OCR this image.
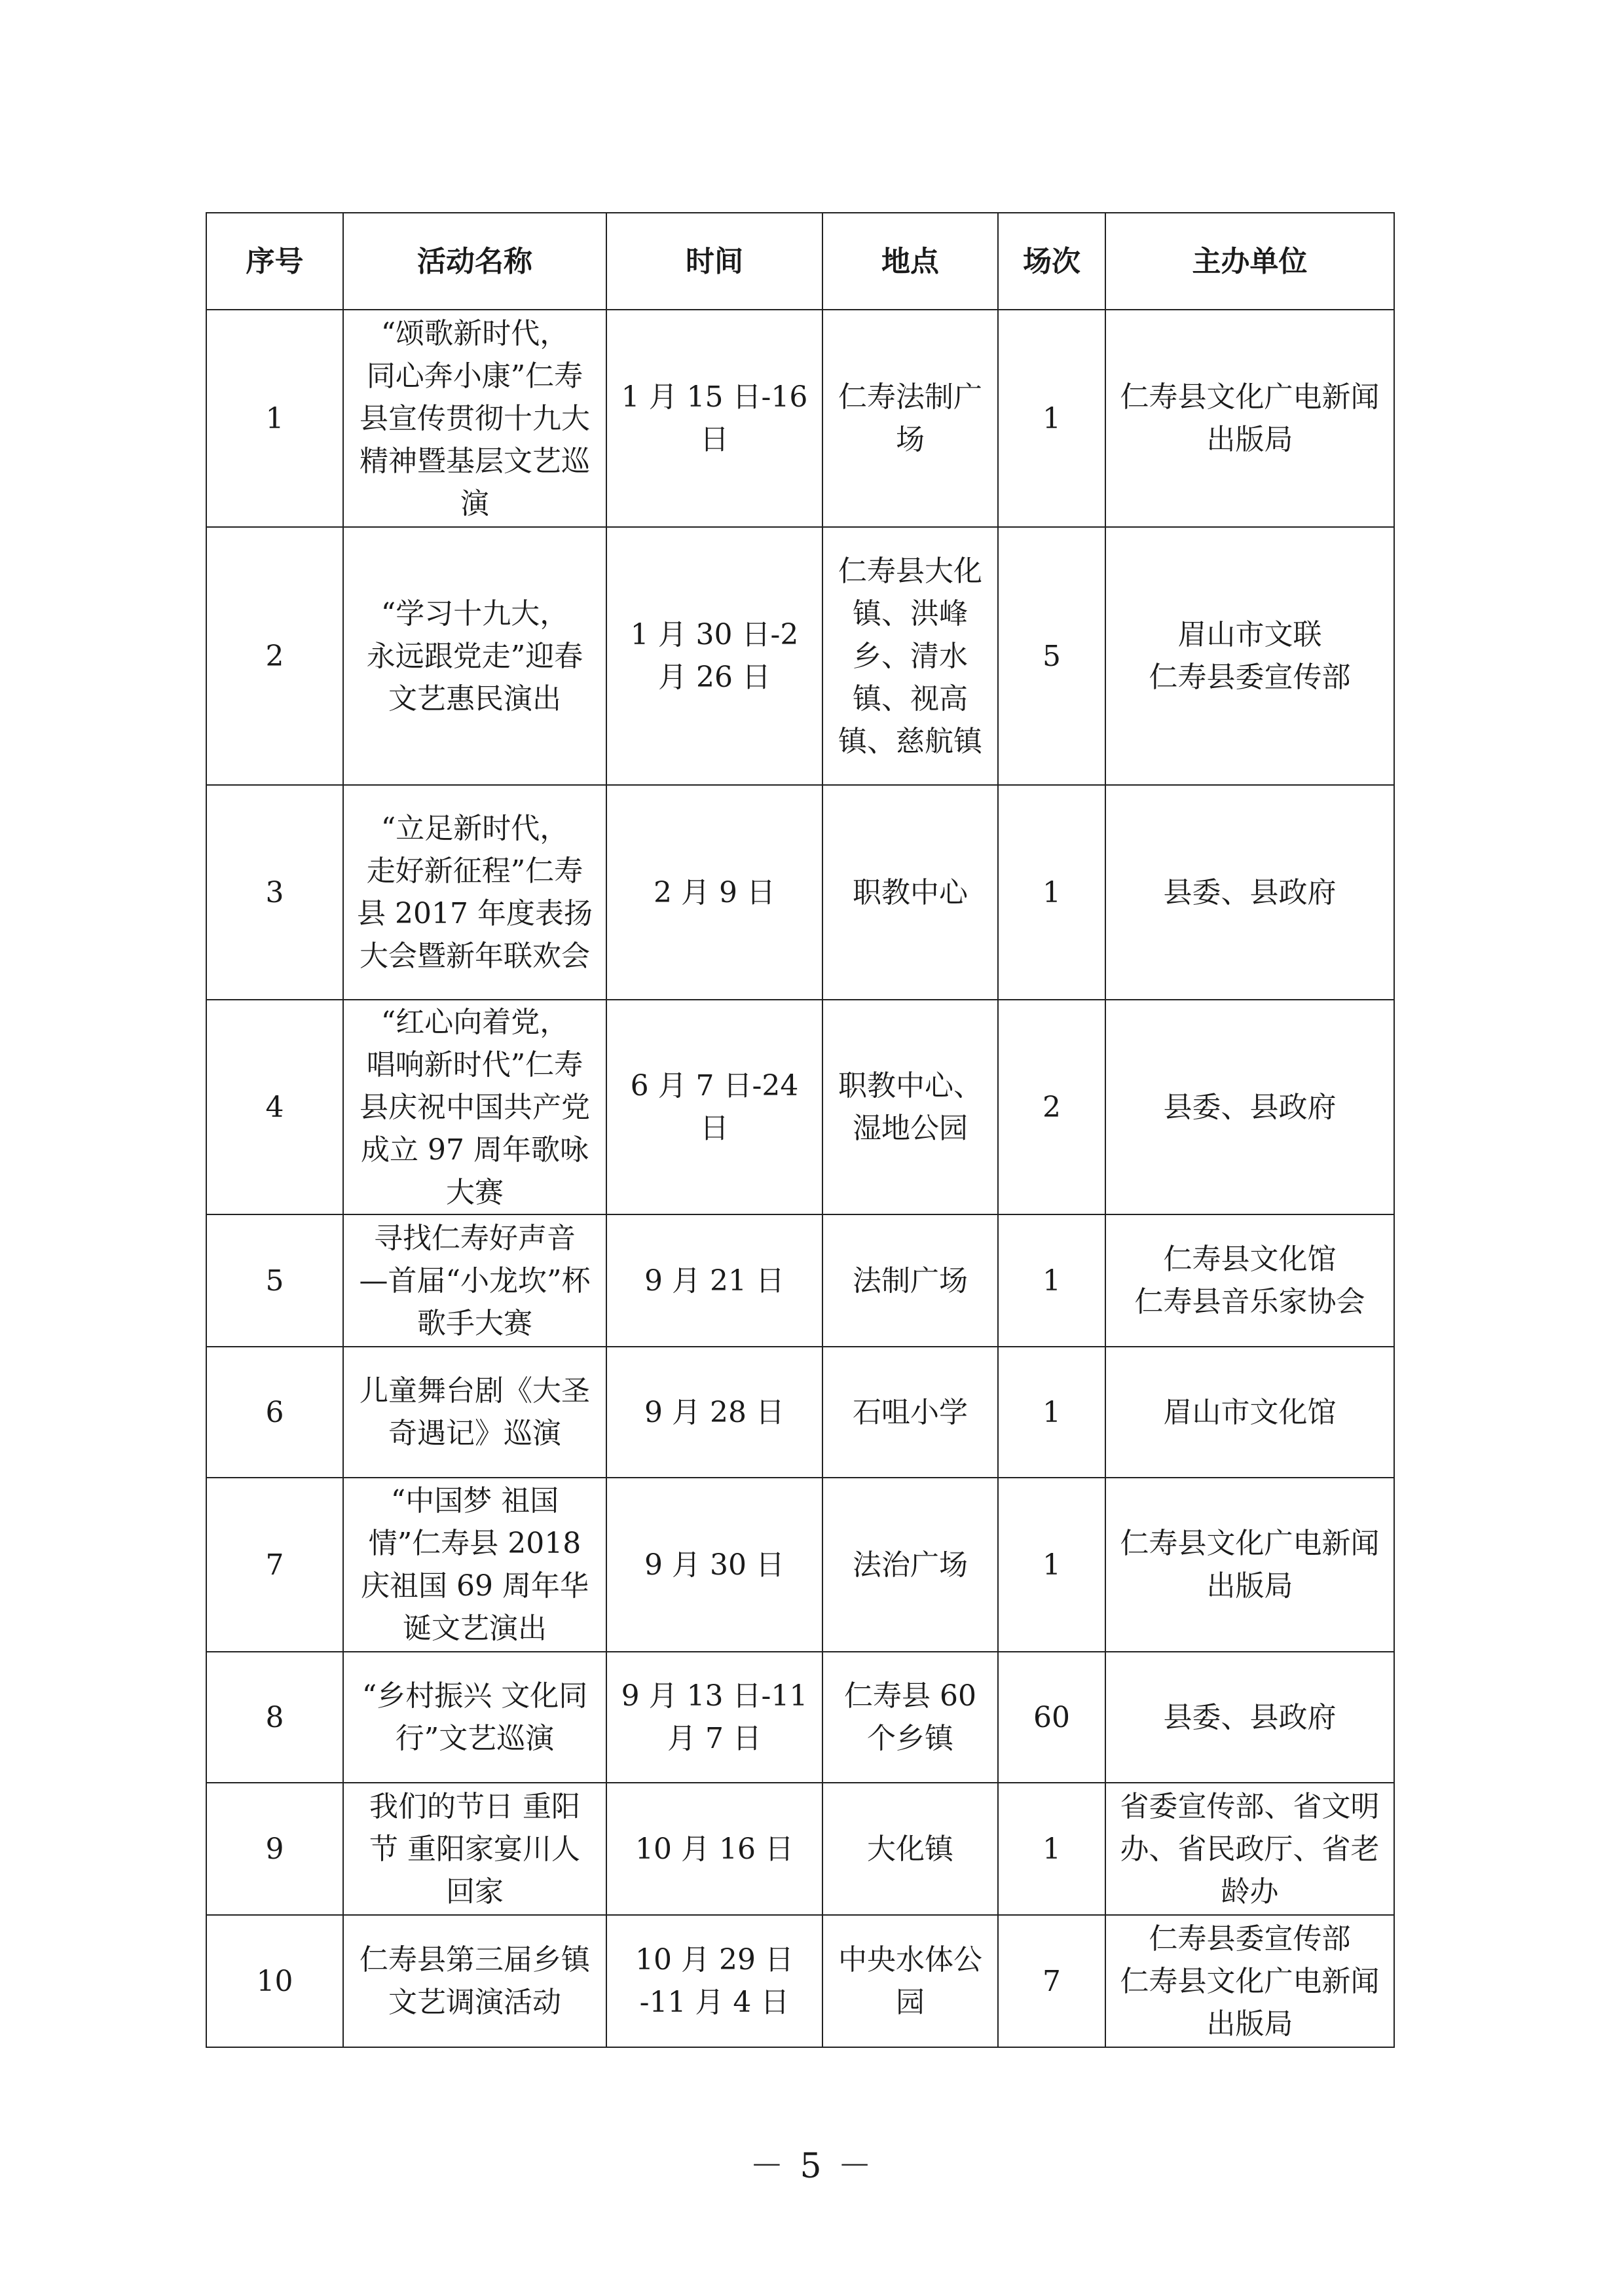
序号	活动名称	时间	地点	场次	主办单位
1	“颂歌新时代，
同心奔小康”仁寿县宣传贯彻十九大精神暨基层文艺巡演	1 月 15 日-16
日	仁寿法制广场	1	仁寿县文化广电新闻出版局
2	“学习十九大，
永远跟党走”迎春文艺惠民演出	1 月 30 日-2
月 26 日	仁寿县大化镇、洪峰乡、清水镇、视高镇、慈航镇	5	眉山市文联
仁寿县委宣传部
3	“立足新时代，
走好新征程”仁寿县 2017 年度表扬大会暨新年联欢会	2 月 9 日	职教中心	1	县委、县政府
4	“红心向着党，
唱响新时代”仁寿县庆祝中国共产党成立 97 周年歌咏大赛	6 月 7 日-24
日	职教中心、湿地公园	2	县委、县政府
5	寻找仁寿好声音
—首届“小龙坎”杯歌手大赛	9 月 21 日	法制广场	1	仁寿县文化馆
仁寿县音乐家协会
6	儿童舞台剧《大圣奇遇记》巡演	9 月 28 日	石咀小学	1	眉山市文化馆
7	“中国梦 祖国情”仁寿县 2018 庆祖国 69 周年华诞文艺演出	9 月 30 日	法治广场	1	仁寿县文化广电新闻出版局
8	“乡村振兴 文化同行”文艺巡演	9 月 13 日-11
月 7 日	仁寿县 60
个乡镇	60	县委、县政府
9	我们的节日 重阳节 重阳家宴川人回家	10 月 16 日	大化镇	1	省委宣传部、省文明办、省民政厅、省老龄办
10	仁寿县第三届乡镇文艺调演活动	10 月 29 日
-11 月 4 日	中央水体公园	7	仁寿县委宣传部
仁寿县文化广电新闻出版局
－ 5 －
